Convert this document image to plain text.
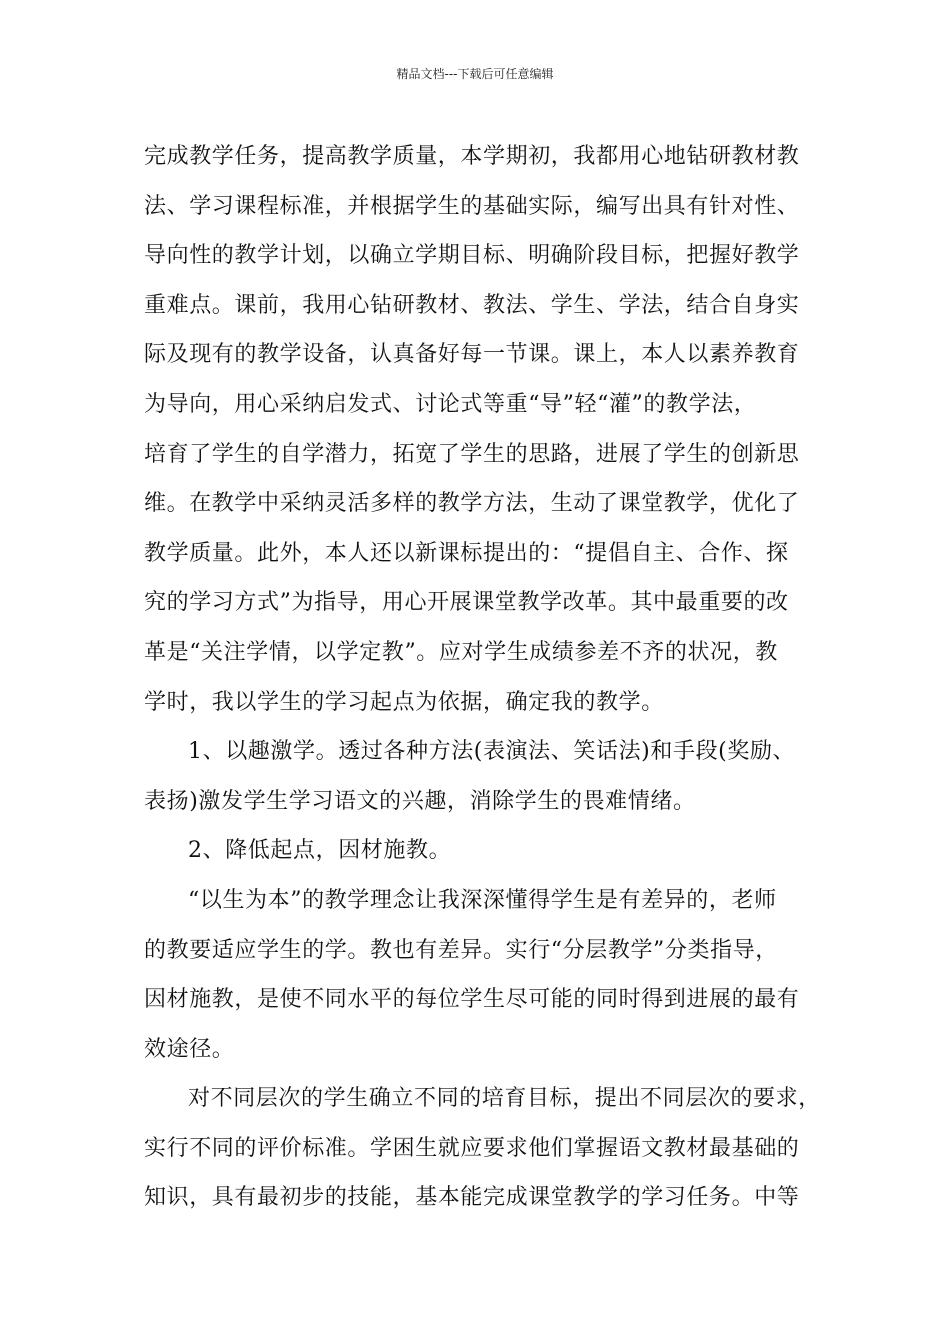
精品文档---下载后可任意编辑
完成教学任务，提高教学质量，本学期初，我都用心地钻研教材教
法、学习课程标准，并根据学生的基础实际，编写出具有针对性、
导向性的教学计划，以确立学期目标、明确阶段目标，把握好教学
重难点。课前，我用心钻研教材、教法、学生、学法，结合自身实
际及现有的教学设备，认真备好每一节课。课上，本人以素养教育
为导向，用心采纳启发式、讨论式等重“导”轻“灌”的教学法，
培育了学生的自学潜力，拓宽了学生的思路，进展了学生的创新思
维。在教学中采纳灵活多样的教学方法，生动了课堂教学，优化了
教学质量。此外，本人还以新课标提出的：“提倡自主、合作、探
究的学习方式”为指导，用心开展课堂教学改革。其中最重要的改
革是“关注学情，以学定教”。应对学生成绩参差不齐的状况，教
学时，我以学生的学习起点为依据，确定我的教学。
1、以趣激学。透过各种方法(表演法、笑话法)和手段(奖励、
表扬)激发学生学习语文的兴趣，消除学生的畏难情绪。
2、降低起点，因材施教。
“以生为本”的教学理念让我深深懂得学生是有差异的，老师
的教要适应学生的学。教也有差异。实行“分层教学”分类指导，
因材施教，是使不同水平的每位学生尽可能的同时得到进展的最有
效途径。
对不同层次的学生确立不同的培育目标，提出不同层次的要求，
实行不同的评价标准。学困生就应要求他们掌握语文教材最基础的
知识，具有最初步的技能，基本能完成课堂教学的学习任务。中等
